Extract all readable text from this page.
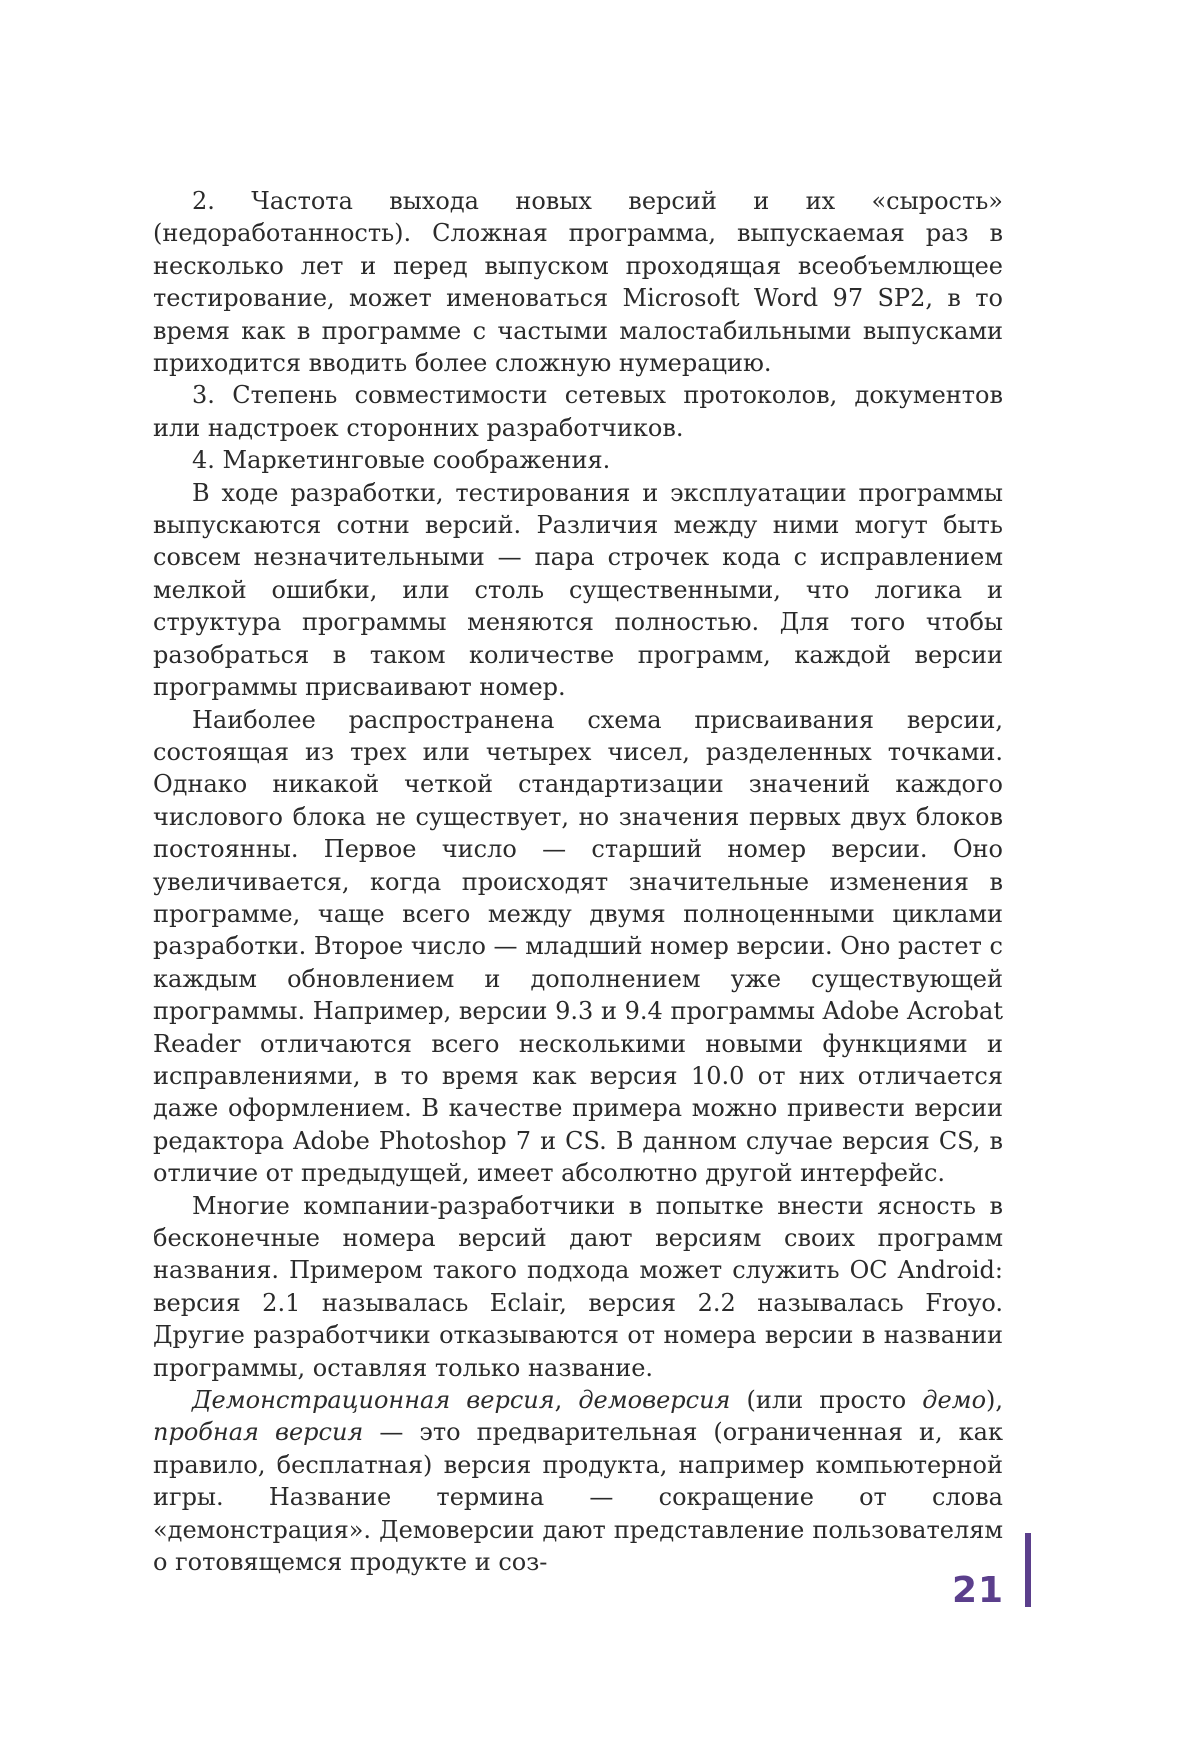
2. Частота выхода новых версий и их «сырость» (недоработанность). Сложная программа, выпускаемая раз в несколько лет и перед выпуском проходящая всеобъемлющее тестирование, может именоваться Microsoft Word 97 SP2, в то время как в программе с частыми малостабильными выпусками приходится вводить более сложную нумерацию.

3. Степень совместимости сетевых протоколов, документов или надстроек сторонних разработчиков.

4. Маркетинговые соображения.

В ходе разработки, тестирования и эксплуатации программы выпускаются сотни версий. Различия между ними могут быть совсем незначительными — пара строчек кода с исправлением мелкой ошибки, или столь существенными, что логика и структура программы меняются полностью. Для того чтобы разобраться в таком количестве программ, каждой версии программы присваивают номер.

Наиболее распространена схема присваивания версии, состоящая из трех или четырех чисел, разделенных точками. Однако никакой четкой стандартизации значений каждого числового блока не существует, но значения первых двух блоков постоянны. Первое число — старший номер версии. Оно увеличивается, когда происходят значительные изменения в программе, чаще всего между двумя полноценными циклами разработки. Второе число — младший номер версии. Оно растет с каждым обновлением и дополнением уже существующей программы. Например, версии 9.3 и 9.4 программы Adobe Acrobat Reader отличаются всего несколькими новыми функциями и исправлениями, в то время как версия 10.0 от них отличается даже оформлением. В качестве примера можно привести версии редактора Adobe Photoshop 7 и CS. В данном случае версия CS, в отличие от предыдущей, имеет абсолютно другой интерфейс.

Многие компании-разработчики в попытке внести ясность в бесконечные номера версий дают версиям своих программ названия. Примером такого подхода может служить ОС Android: версия 2.1 называлась Eclair, версия 2.2 называлась Froyo. Другие разработчики отказываются от номера версии в названии программы, оставляя только название.

Демонстрационная версия, демоверсия (или просто демо), пробная версия — это предварительная (ограниченная и, как правило, бесплатная) версия продукта, например компьютерной игры. Название термина — сокращение от слова «демонстрация». Демоверсии дают представление пользователям о готовящемся продукте и соз-

21
